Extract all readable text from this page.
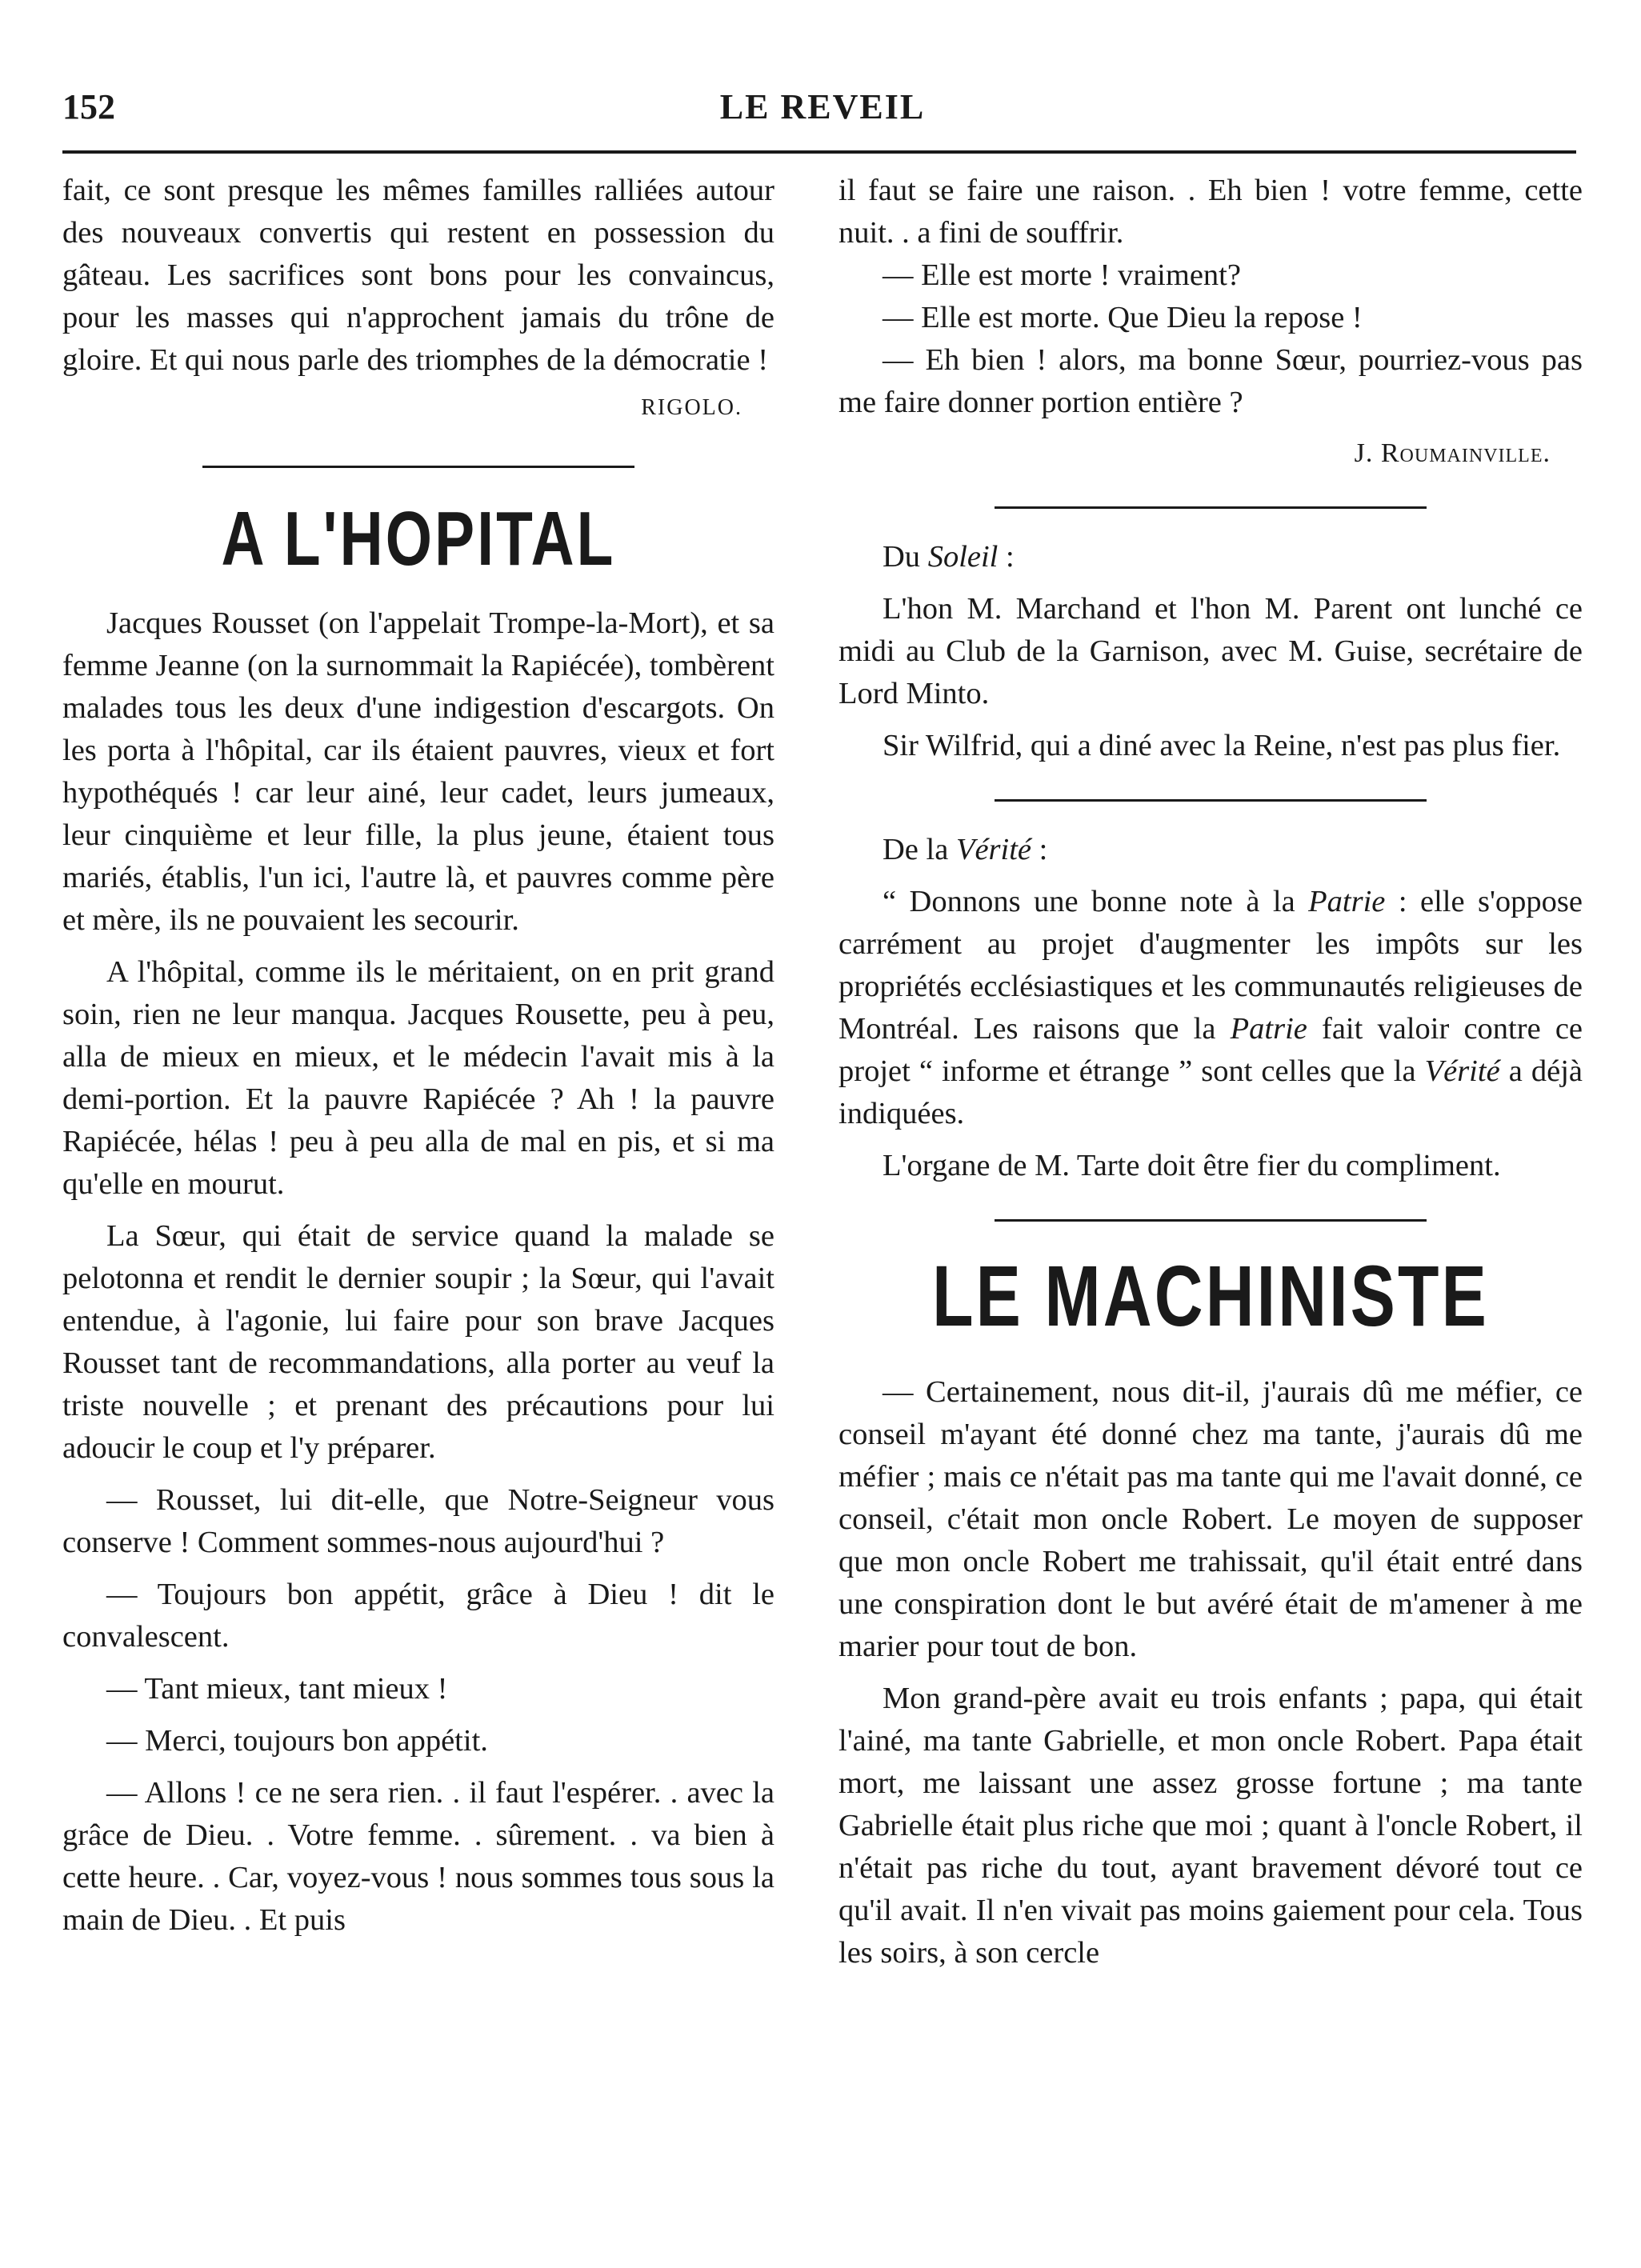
LE REVEIL
152

fait, ce sont presque les mêmes familles ralliées autour des nouveaux convertis qui restent en possession du gâteau. Les sacrifices sont bons pour les convaincus, pour les masses qui n'approchent jamais du trône de gloire. Et qui nous parle des triomphes de la démocratie !

RIGOLO.

A L'HOPITAL

Jacques Rousset (on l'appelait Trompe-la-Mort), et sa femme Jeanne (on la surnommait la Rapiécée), tombèrent malades tous les deux d'une indigestion d'escargots. On les porta à l'hôpital, car ils étaient pauvres, vieux et fort hypothéqués ! car leur ainé, leur cadet, leurs jumeaux, leur cinquième et leur fille, la plus jeune, étaient tous mariés, établis, l'un ici, l'autre là, et pauvres comme père et mère, ils ne pouvaient les secourir.

A l'hôpital, comme ils le méritaient, on en prit grand soin, rien ne leur manqua. Jacques Rousette, peu à peu, alla de mieux en mieux, et le médecin l'avait mis à la demi-portion. Et la pauvre Rapiécée ? Ah ! la pauvre Rapiécée, hélas ! peu à peu alla de mal en pis, et si ma qu'elle en mourut.

La Sœur, qui était de service quand la malade se pelotonna et rendit le dernier soupir ; la Sœur, qui l'avait entendue, à l'agonie, lui faire pour son brave Jacques Rousset tant de recommandations, alla porter au veuf la triste nouvelle ; et prenant des précautions pour lui adoucir le coup et l'y préparer.

— Rousset, lui dit-elle, que Notre-Seigneur vous conserve ! Comment sommes-nous aujourd'hui ?

— Toujours bon appétit, grâce à Dieu ! dit le convalescent.

— Tant mieux, tant mieux !

— Merci, toujours bon appétit.

— Allons ! ce ne sera rien. . il faut l'espérer. . avec la grâce de Dieu. . Votre femme. . sûrement. . va bien à cette heure. . Car, voyez-vous ! nous sommes tous sous la main de Dieu. . Et puis

il faut se faire une raison. . Eh bien ! votre femme, cette nuit. . a fini de souffrir.

— Elle est morte ! vraiment?

— Elle est morte. Que Dieu la repose !

— Eh bien ! alors, ma bonne Sœur, pourriez-vous pas me faire donner portion entière ?

J. Roumainville.

Du Soleil :

L'hon M. Marchand et l'hon M. Parent ont lunché ce midi au Club de la Garnison, avec M. Guise, secrétaire de Lord Minto.

Sir Wilfrid, qui a diné avec la Reine, n'est pas plus fier.

De la Vérité :

“ Donnons une bonne note à la Patrie : elle s'oppose carrément au projet d'augmenter les impôts sur les propriétés ecclésiastiques et les communautés religieuses de Montréal. Les raisons que la Patrie fait valoir contre ce projet “ informe et étrange ” sont celles que la Vérité a déjà indiquées.

L'organe de M. Tarte doit être fier du compliment.

LE MACHINISTE

— Certainement, nous dit-il, j'aurais dû me méfier, ce conseil m'ayant été donné chez ma tante, j'aurais dû me méfier ; mais ce n'était pas ma tante qui me l'avait donné, ce conseil, c'était mon oncle Robert. Le moyen de supposer que mon oncle Robert me trahissait, qu'il était entré dans une conspiration dont le but avéré était de m'amener à me marier pour tout de bon.

Mon grand-père avait eu trois enfants ; papa, qui était l'ainé, ma tante Gabrielle, et mon oncle Robert. Papa était mort, me laissant une assez grosse fortune ; ma tante Gabrielle était plus riche que moi ; quant à l'oncle Robert, il n'était pas riche du tout, ayant bravement dévoré tout ce qu'il avait. Il n'en vivait pas moins gaiement pour cela. Tous les soirs, à son cercle
